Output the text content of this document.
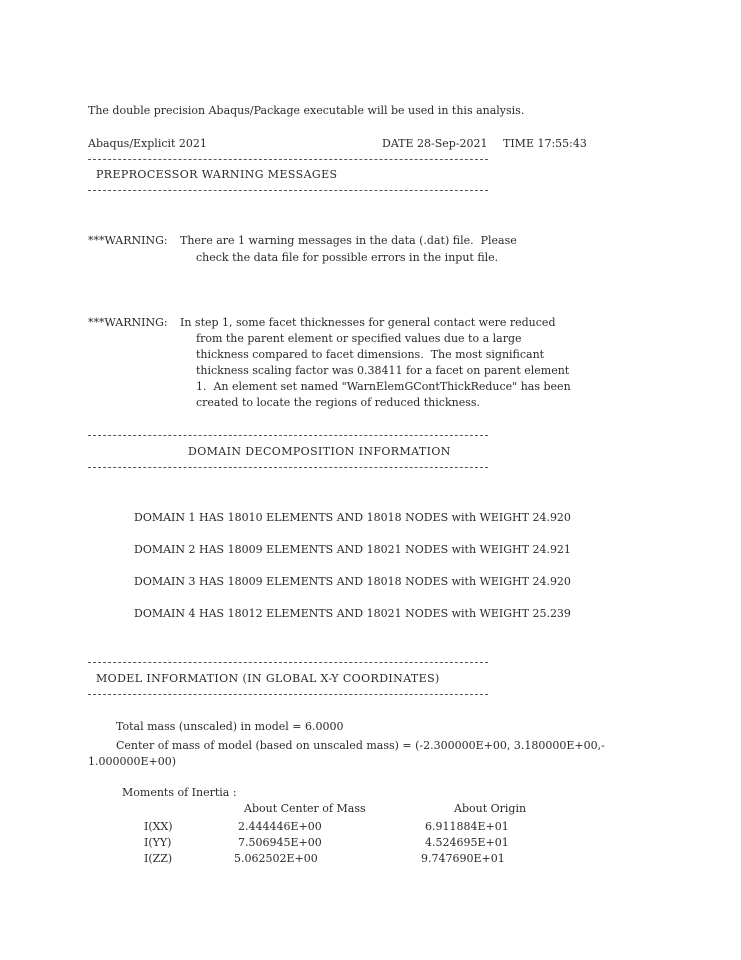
The double precision Abaqus/Package executable will be used in this analysis.
Abaqus/Explicit 2021	DATE 28-Sep-2021 TIME 17:55:43
PREPROCESSOR WARNING MESSAGES
***WARNING: There are 1 warning messages in the data (.dat) file.  Please
check the data file for possible errors in the input file.
***WARNING: In step 1, some facet thicknesses for general contact were reduced
from the parent element or specified values due to a large
thickness compared to facet dimensions.  The most significant
thickness scaling factor was 0.38411 for a facet on parent element
1.  An element set named "WarnElemGContThickReduce" has been
created to locate the regions of reduced thickness.
DOMAIN DECOMPOSITION INFORMATION
DOMAIN 1 HAS 18010 ELEMENTS AND 18018 NODES with WEIGHT 24.920
DOMAIN 2 HAS 18009 ELEMENTS AND 18021 NODES with WEIGHT 24.921
DOMAIN 3 HAS 18009 ELEMENTS AND 18018 NODES with WEIGHT 24.920
DOMAIN 4 HAS 18012 ELEMENTS AND 18021 NODES with WEIGHT 25.239
MODEL INFORMATION (IN GLOBAL X-Y COORDINATES)
Total mass (unscaled) in model = 6.0000
Center of mass of model (based on unscaled mass) = (-2.300000E+00, 3.180000E+00,-
1.000000E+00)
Moments of Inertia :
About Center of Mass	About Origin
I(XX)	2.444446E+00	6.911884E+01
I(YY)	7.506945E+00	4.524695E+01
I(ZZ)	5.062502E+00	9.747690E+01
